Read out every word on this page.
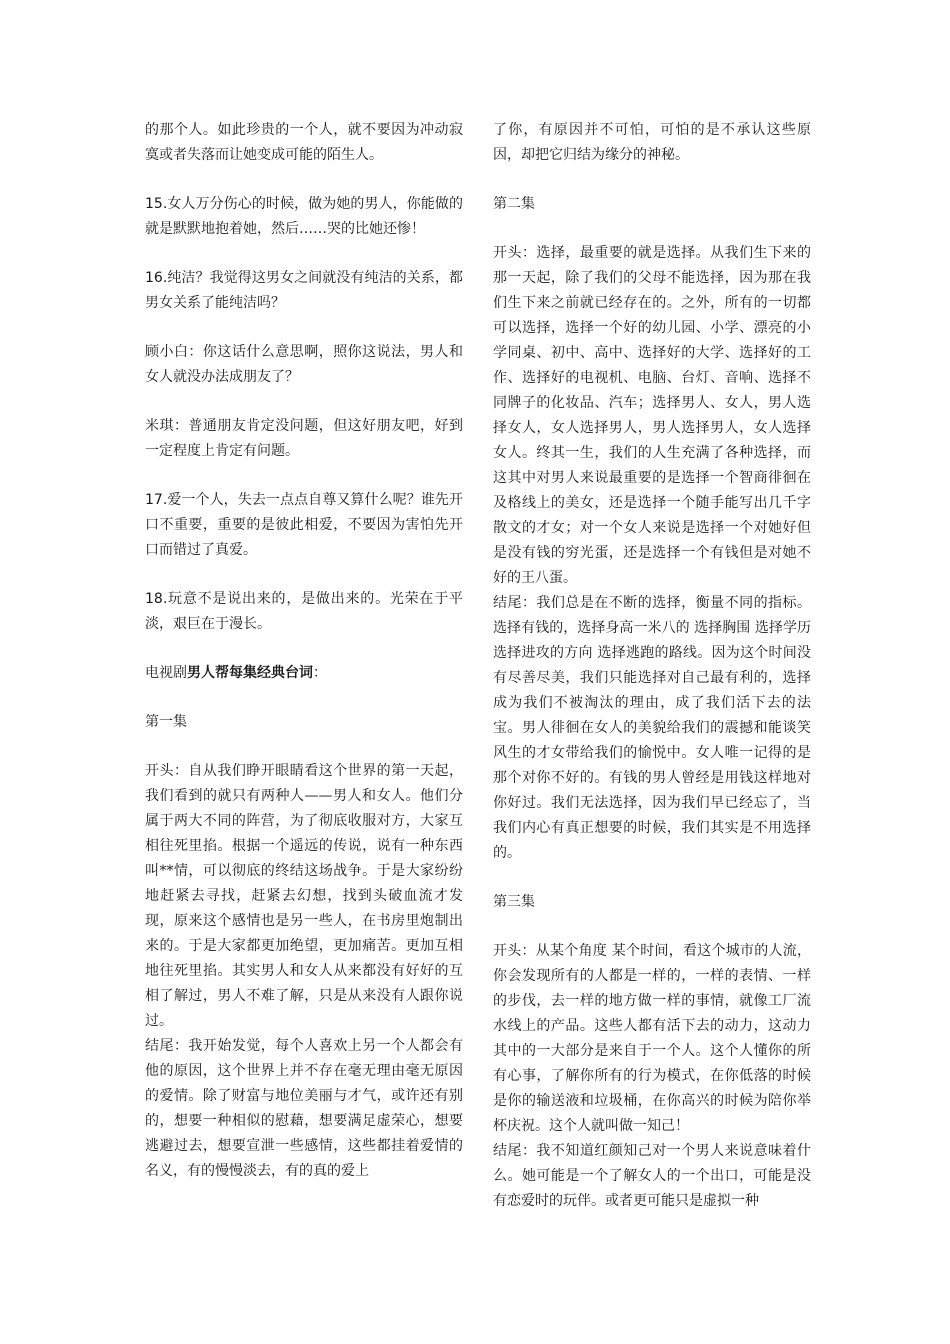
的那个人。如此珍贵的一个人，就不要因为冲动寂寞或者失落而让她变成可能的陌生人。

15.女人万分伤心的时候，做为她的男人，你能做的就是默默地抱着她，然后……哭的比她还惨！

16.纯洁？我觉得这男女之间就没有纯洁的关系，都男女关系了能纯洁吗？

顾小白：你这话什么意思啊，照你这说法，男人和女人就没办法成朋友了？

米琪：普通朋友肯定没问题，但这好朋友吧，好到一定程度上肯定有问题。

17.爱一个人，失去一点点自尊又算什么呢？谁先开口不重要，重要的是彼此相爱，不要因为害怕先开口而错过了真爱。

18.玩意不是说出来的，是做出来的。光荣在于平淡，艰巨在于漫长。

电视剧男人帮每集经典台词：

第一集

开头：自从我们睁开眼睛看这个世界的第一天起，我们看到的就只有两种人——男人和女人。他们分属于两大不同的阵营，为了彻底收服对方，大家互相往死里掐。根据一个遥远的传说，说有一种东西叫**情，可以彻底的终结这场战争。于是大家纷纷地赶紧去寻找，赶紧去幻想，找到头破血流才发现，原来这个感情也是另一些人，在书房里炮制出来的。于是大家都更加绝望，更加痛苦。更加互相地往死里掐。其实男人和女人从来都没有好好的互相了解过，男人不难了解，只是从来没有人跟你说过。

结尾：我开始发觉，每个人喜欢上另一个人都会有他的原因，这个世界上并不存在毫无理由毫无原因的爱情。除了财富与地位美丽与才气，或许还有别的，想要一种相似的慰藉，想要满足虚荣心，想要逃避过去，想要宣泄一些感情，这些都挂着爱情的名义，有的慢慢淡去，有的真的爱上

了你，有原因并不可怕，可怕的是不承认这些原因，却把它归结为缘分的神秘。

第二集

开头：选择，最重要的就是选择。从我们生下来的那一天起，除了我们的父母不能选择，因为那在我们生下来之前就已经存在的。之外，所有的一切都可以选择，选择一个好的幼儿园、小学、漂亮的小学同桌、初中、高中、选择好的大学、选择好的工作、选择好的电视机、电脑、台灯、音响、选择不同牌子的化妆品、汽车；选择男人、女人，男人选择女人，女人选择男人，男人选择男人，女人选择女人。终其一生，我们的人生充满了各种选择，而这其中对男人来说最重要的是选择一个智商徘徊在及格线上的美女，还是选择一个随手能写出几千字散文的才女；对一个女人来说是选择一个对她好但是没有钱的穷光蛋，还是选择一个有钱但是对她不好的王八蛋。

结尾：我们总是在不断的选择，衡量不同的指标。选择有钱的，选择身高一米八的 选择胸围 选择学历 选择进攻的方向 选择逃跑的路线。因为这个时间没有尽善尽美，我们只能选择对自己最有利的，选择成为我们不被淘汰的理由，成了我们活下去的法宝。男人徘徊在女人的美貌给我们的震撼和能谈笑风生的才女带给我们的愉悦中。女人唯一记得的是那个对你不好的。有钱的男人曾经是用钱这样地对你好过。我们无法选择，因为我们早已经忘了，当我们内心有真正想要的时候，我们其实是不用选择的。

第三集

开头：从某个角度 某个时间，看这个城市的人流，你会发现所有的人都是一样的，一样的表情、一样的步伐，去一样的地方做一样的事情，就像工厂流水线上的产品。这些人都有活下去的动力，这动力其中的一大部分是来自于一个人。这个人懂你的所有心事，了解你所有的行为模式，在你低落的时候是你的输送液和垃圾桶，在你高兴的时候为陪你举杯庆祝。这个人就叫做一知己！

结尾：我不知道红颜知己对一个男人来说意味着什么。她可能是一个了解女人的一个出口，可能是没有恋爱时的玩伴。或者更可能只是虚拟一种
